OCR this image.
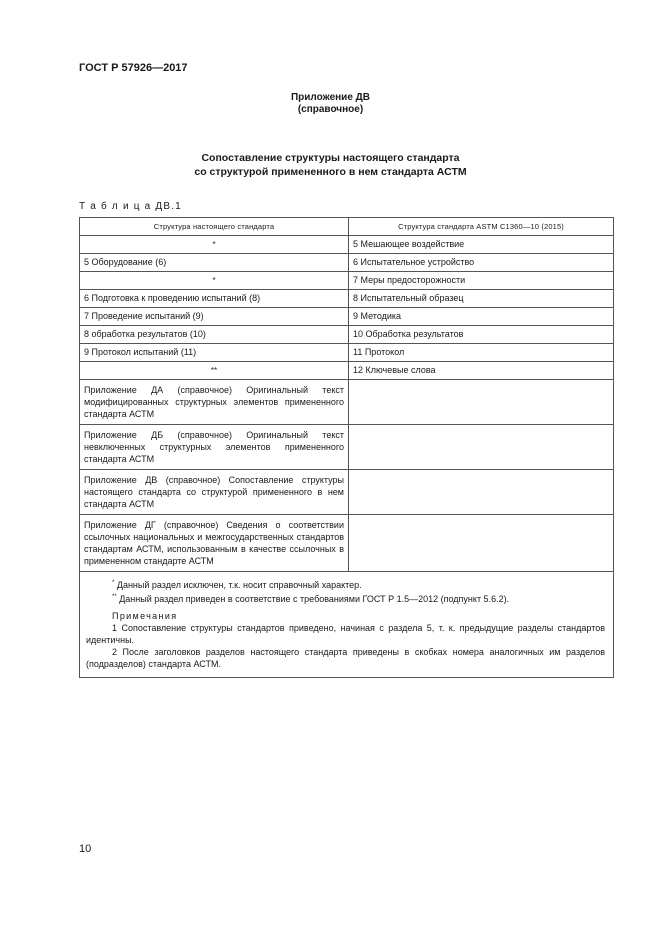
ГОСТ Р 57926—2017
Приложение ДВ
(справочное)
Сопоставление структуры настоящего стандарта
со структурой примененного в нем стандарта АСТМ
Т а б л и ц а ДВ.1
Структура настоящего стандарта	Структура стандарта ASTM C1360—10 (2015)
*	5 Мешающее воздействие
5 Оборудование (6)	6 Испытательное устройство
*	7 Меры предосторожности
6 Подготовка к проведению испытаний (8)	8 Испытательный образец
7 Проведение испытаний (9)	9 Методика
8 обработка результатов (10)	10 Обработка результатов
9 Протокол испытаний (11)	11 Протокол
**	12 Ключевые слова
Приложение ДА (справочное) Оригинальный текст модифицированных структурных элементов примененного стандарта АСТМ	
Приложение ДБ (справочное) Оригинальный текст невключенных структурных элементов примененного стандарта АСТМ	
Приложение ДВ (справочное) Сопоставление структуры настоящего стандарта со структурой примененного в нем стандарта АСТМ	
Приложение ДГ (справочное) Сведения о соответствии ссылочных национальных и межгосударственных стандартов стандартам АСТМ, использованным в качестве ссылочных в примененном стандарте АСТМ	

* Данный раздел исключен, т.к. носит справочный характер.
** Данный раздел приведен в соответствие с требованиями ГОСТ Р 1.5—2012 (подпункт 5.6.2).
Примечания
1 Сопоставление структуры стандартов приведено, начиная с раздела 5, т. к. предыдущие разделы стандартов идентичны.
2 После заголовков разделов настоящего стандарта приведены в скобках номера аналогичных им разделов (подразделов) стандарта АСТМ.	
10
